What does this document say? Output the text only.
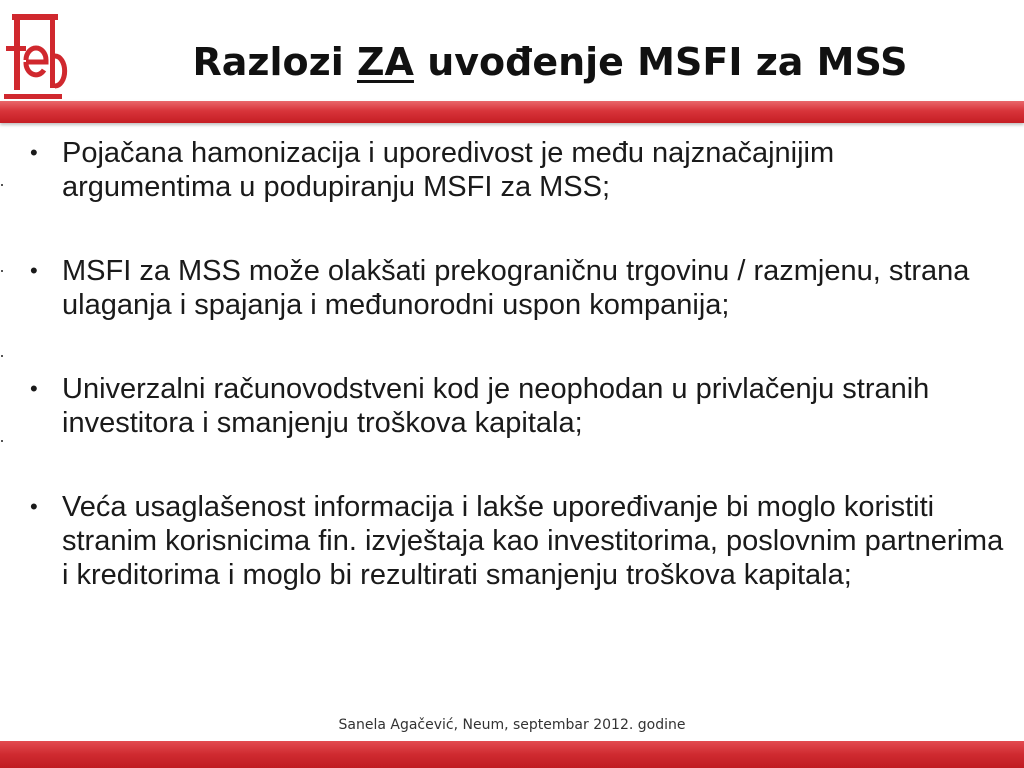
Razlozi ZA uvođenje MSFI za MSS
• Pojačana hamonizacija i uporedivost je među najznačajnijim argumentima u podupiranju MSFI za MSS;
• MSFI za MSS može olakšati prekograničnu trgovinu / razmjenu, strana ulaganja i spajanja i međunorodni uspon kompanija;
• Univerzalni računovodstveni kod je neophodan u privlačenju stranih investitora i smanjenju troškova kapitala;
• Veća usaglašenost informacija i lakše upoređivanje bi moglo koristiti stranim korisnicima fin. izvještaja kao investitorima, poslovnim partnerima i kreditorima i moglo bi rezultirati smanjenju troškova kapitala;
Sanela Agačević, Neum, septembar 2012. godine
